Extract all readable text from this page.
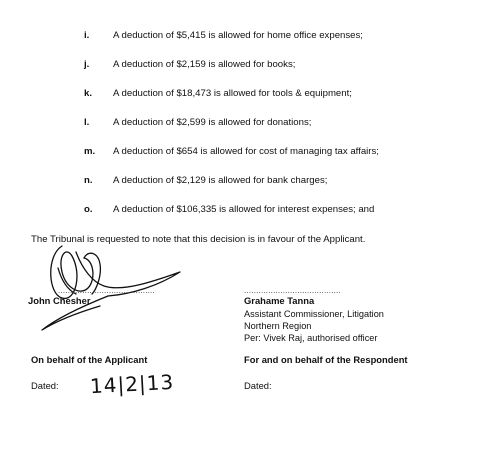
i. A deduction of $5,415 is allowed for home office expenses;
j. A deduction of $2,159 is allowed for books;
k. A deduction of $18,473 is allowed for tools & equipment;
l. A deduction of $2,599 is allowed for donations;
m. A deduction of $654 is allowed for cost of managing tax affairs;
n. A deduction of $2,129 is allowed for bank charges;
o. A deduction of $106,335 is allowed for interest expenses; and
The Tribunal is requested to note that this decision is in favour of the Applicant.
........................................
John Chesher
........................................
Grahame Tanna
Assistant Commissioner, Litigation
Northern Region
Per: Vivek Raj, authorised officer
On behalf of the Applicant	For and on behalf of the Respondent
Dated: 14|2|13	Dated:
